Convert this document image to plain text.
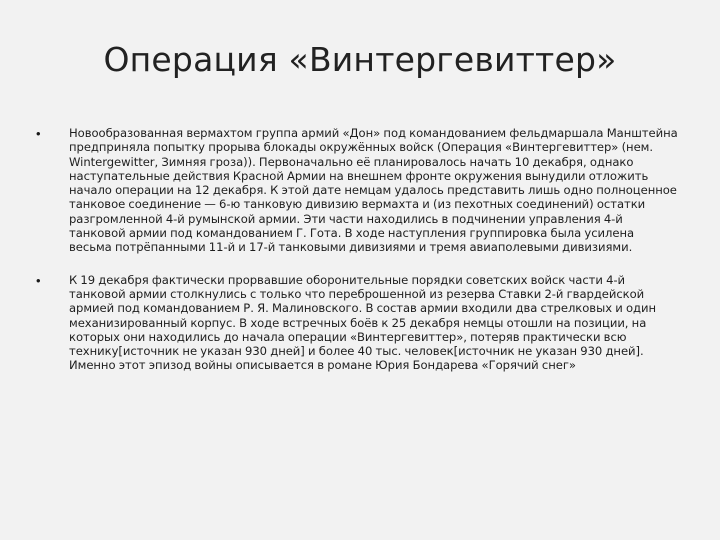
Операция «Винтергевиттер»
• Новообразованная вермахтом группа армий «Дон» под командованием фельдмаршала Манштейна предприняла попытку прорыва блокады окружённых войск (Операция «Винтергевиттер» (нем. Wintergewitter, Зимняя гроза)). Первоначально её планировалось начать 10 декабря, однако наступательные действия Красной Армии на внешнем фронте окружения вынудили отложить начало операции на 12 декабря. К этой дате немцам удалось представить лишь одно полноценное танковое соединение — 6-ю танковую дивизию вермахта и (из пехотных соединений) остатки разгромленной 4-й румынской армии. Эти части находились в подчинении управления 4-й танковой армии под командованием Г. Гота. В ходе наступления группировка была усилена весьма потрёпанными 11-й и 17-й танковыми дивизиями и тремя авиаполевыми дивизиями.
• К 19 декабря фактически прорвавшие оборонительные порядки советских войск части 4-й танковой армии столкнулись с только что переброшенной из резерва Ставки 2-й гвардейской армией под командованием Р. Я. Малиновского. В состав армии входили два стрелковых и один механизированный корпус. В ходе встречных боёв к 25 декабря немцы отошли на позиции, на которых они находились до начала операции «Винтергевиттер», потеряв практически всю технику[источник не указан 930 дней] и более 40 тыс. человек[источник не указан 930 дней]. Именно этот эпизод войны описывается в романе Юрия Бондарева «Горячий снег»
